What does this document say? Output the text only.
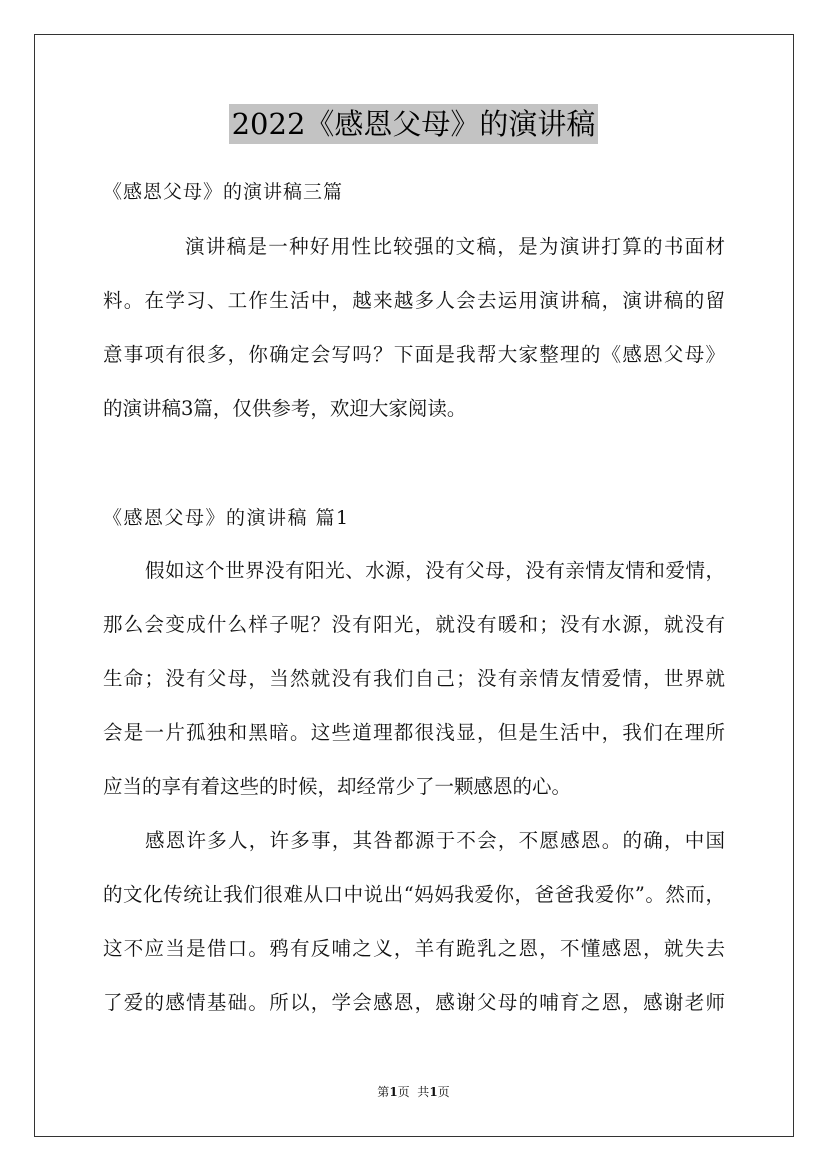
2022《感恩父母》的演讲稿
《感恩父母》的演讲稿三篇
演讲稿是一种好用性比较强的文稿，是为演讲打算的书面材
料。在学习、工作生活中，越来越多人会去运用演讲稿，演讲稿的留
意事项有很多，你确定会写吗？下面是我帮大家整理的《感恩父母》
的演讲稿3篇，仅供参考，欢迎大家阅读。
《感恩父母》的演讲稿 篇1
假如这个世界没有阳光、水源，没有父母，没有亲情友情和爱情，
那么会变成什么样子呢？没有阳光，就没有暖和；没有水源，就没有
生命；没有父母，当然就没有我们自己；没有亲情友情爱情，世界就
会是一片孤独和黑暗。这些道理都很浅显，但是生活中，我们在理所
应当的享有着这些的时候，却经常少了一颗感恩的心。
感恩许多人，许多事，其咎都源于不会，不愿感恩。的确，中国
的文化传统让我们很难从口中说出“妈妈我爱你，爸爸我爱你”。然而，
这不应当是借口。鸦有反哺之义，羊有跪乳之恩，不懂感恩，就失去
了爱的感情基础。所以，学会感恩，感谢父母的哺育之恩，感谢老师
第1页  共1页
